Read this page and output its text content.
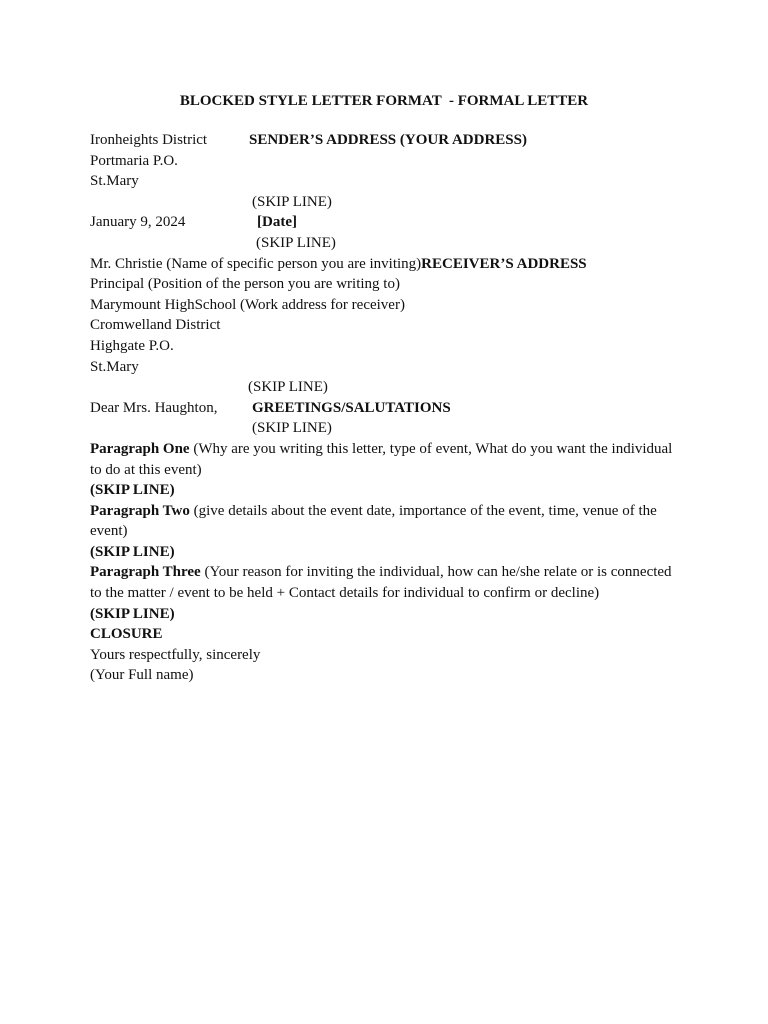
BLOCKED STYLE LETTER FORMAT  - FORMAL LETTER
Ironheights District	SENDER’S ADDRESS (YOUR ADDRESS)
Portmaria P.O.
St.Mary
(SKIP LINE)
January 9, 2024	[Date]
(SKIP LINE)
Mr. Christie (Name of specific person you are inviting)RECEIVER’S ADDRESS
Principal (Position of the person you are writing to)
Marymount HighSchool (Work address for receiver)
Cromwelland District
Highgate P.O.
St.Mary
(SKIP LINE)
Dear Mrs. Haughton, GREETINGS/SALUTATIONS
(SKIP LINE)
Paragraph One (Why are you writing this letter, type of event, What do you want the individual to do at this event)
(SKIP LINE)
Paragraph Two (give details about the event date, importance of the event, time, venue of the event)
(SKIP LINE)
Paragraph Three (Your reason for inviting the individual, how can he/she relate or is connected to the matter / event to be held + Contact details for individual to confirm or decline)
(SKIP LINE)
CLOSURE
Yours respectfully, sincerely
(Your Full name)
